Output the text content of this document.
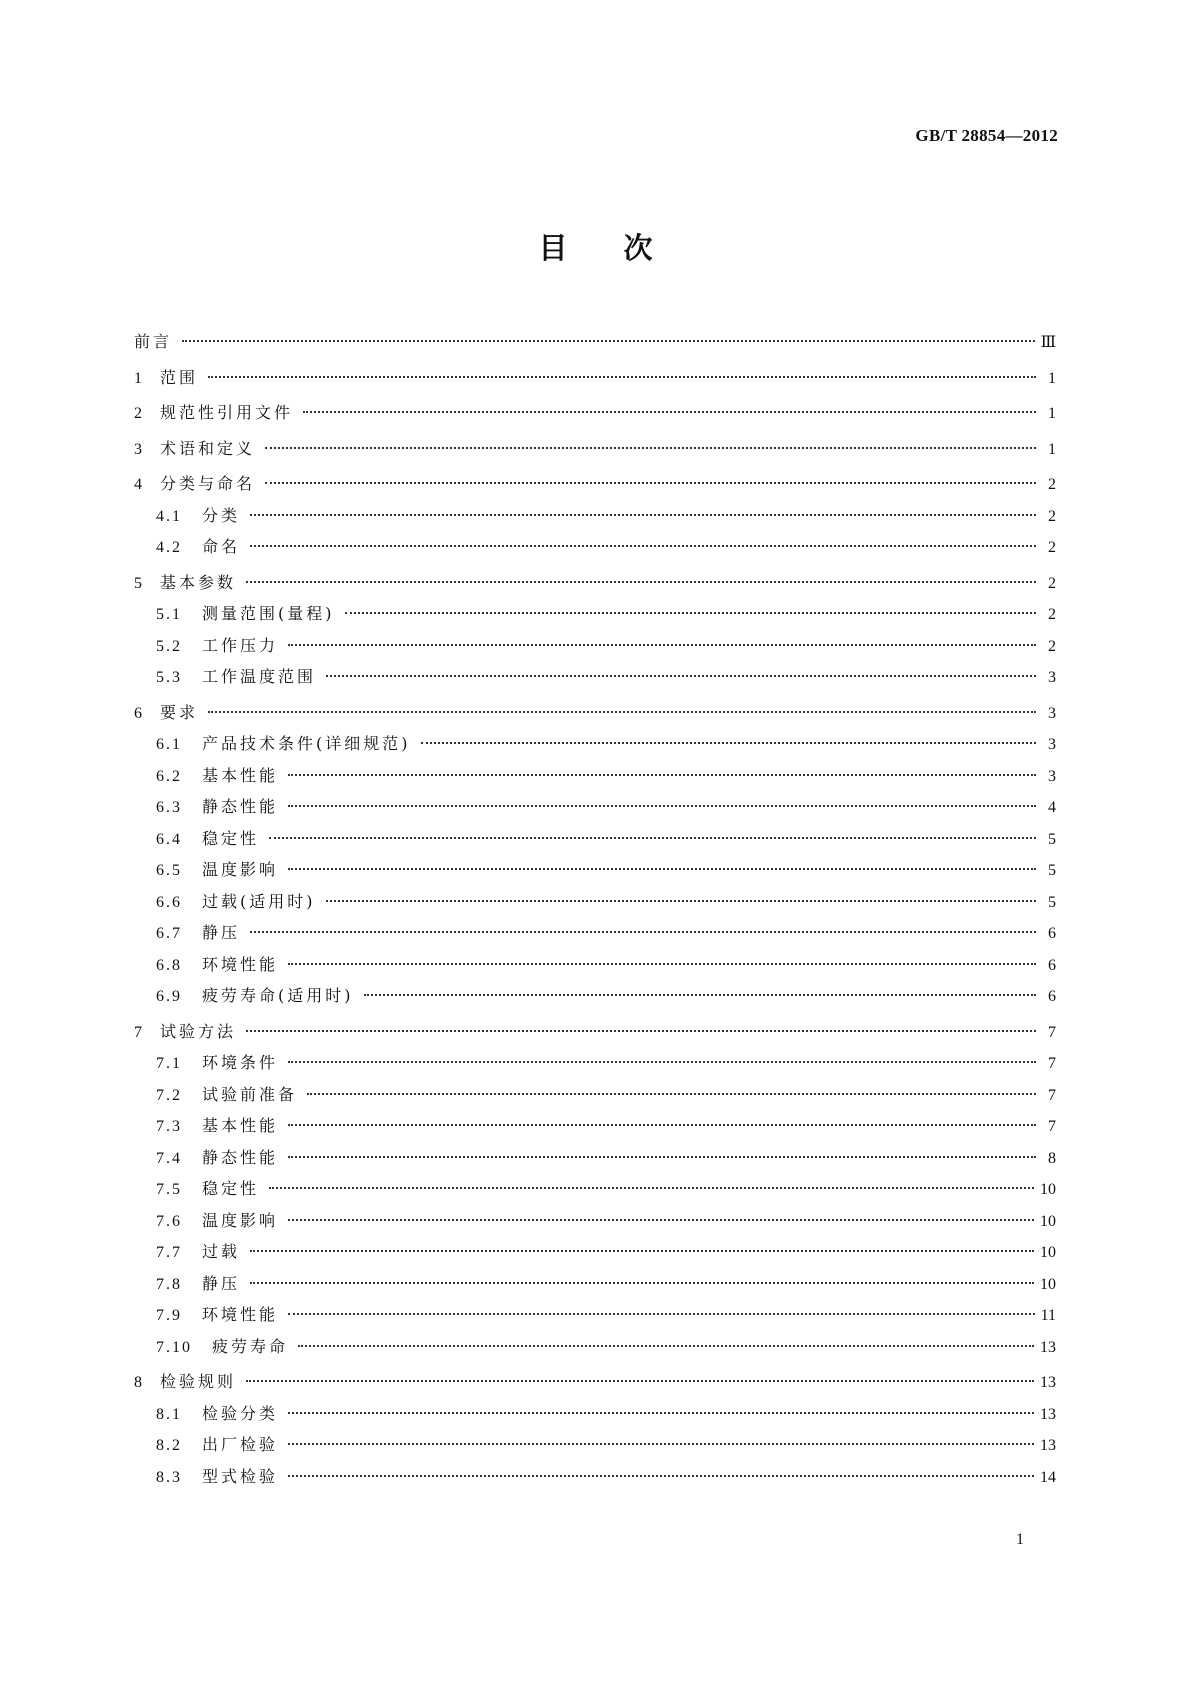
GB/T 28854—2012
目 次
前言	Ⅲ
1 范围	1
2 规范性引用文件	1
3 术语和定义	1
4 分类与命名	2
4.1 分类	2
4.2 命名	2
5 基本参数	2
5.1 测量范围(量程)	2
5.2 工作压力	2
5.3 工作温度范围	3
6 要求	3
6.1 产品技术条件(详细规范)	3
6.2 基本性能	3
6.3 静态性能	4
6.4 稳定性	5
6.5 温度影响	5
6.6 过载(适用时)	5
6.7 静压	6
6.8 环境性能	6
6.9 疲劳寿命(适用时)	6
7 试验方法	7
7.1 环境条件	7
7.2 试验前准备	7
7.3 基本性能	7
7.4 静态性能	8
7.5 稳定性	10
7.6 温度影响	10
7.7 过载	10
7.8 静压	10
7.9 环境性能	11
7.10 疲劳寿命	13
8 检验规则	13
8.1 检验分类	13
8.2 出厂检验	13
8.3 型式检验	14
1
